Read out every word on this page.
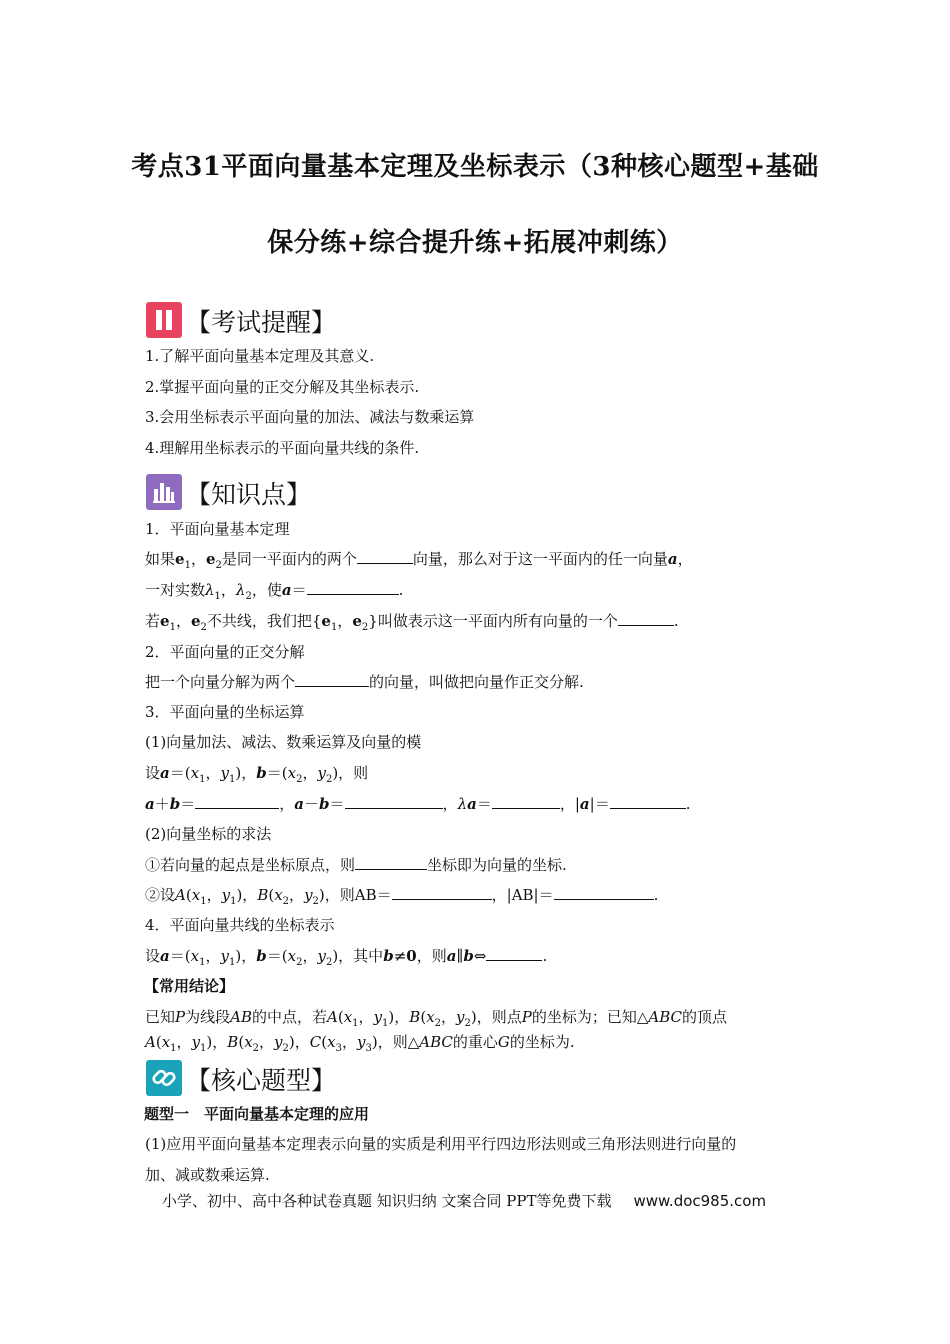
考点31平面向量基本定理及坐标表示（3种核心题型+基础
保分练+综合提升练+拓展冲刺练）
【考试提醒】
1.了解平面向量基本定理及其意义.
2.掌握平面向量的正交分解及其坐标表示.
3.会用坐标表示平面向量的加法、减法与数乘运算
4.理解用坐标表示的平面向量共线的条件.
【知识点】
1．平面向量基本定理
如果$e_1$，$e_2$是同一平面内的两个	向量，那么对于这一平面内的任一向量a，
一对实数$\lambda_1$，$\lambda_2$，使a＝	.
若$e_1$，$e_2$不共线，我们把{$e_1$，$e_2$}叫做表示这一平面内所有向量的一个	.
2．平面向量的正交分解
把一个向量分解为两个	的向量，叫做把向量作正交分解.
3．平面向量的坐标运算
(1)向量加法、减法、数乘运算及向量的模
设$a=(x_1$，$y_1$)，$b=(x_2$，$y_2$)，则
a＋b＝	，a－b＝	，λa＝	，|a|＝	.
(2)向量坐标的求法
①若向量的起点是坐标原点，则	坐标即为向量的坐标.
②设$A(x_1$，$y_1$)，$B(x_2$，$y_2$)，则AB＝	，|AB|＝	.
4．平面向量共线的坐标表示
设$a=(x_1$，$y_1$)，$b=(x_2$，$y_2$)，其中b≠0，则a∥b⇔	.
【常用结论】
已知P为线段AB的中点，若$A(x_1$，$y_1$)，$B(x_2$，$y_2$)，则点P的坐标为；已知△ABC的顶点
$A(x_1$，$y_1$)，$B(x_2$，$y_2$)，$C(x_3$，$y_3$)，则△ABC的重心G的坐标为.
【核心题型】
题型一　平面向量基本定理的应用
(1)应用平面向量基本定理表示向量的实质是利用平行四边形法则或三角形法则进行向量的
加、减或数乘运算.
小学、初中、高中各种试卷真题 知识归纳 文案合同 PPT等免费下载 www.doc985.com
